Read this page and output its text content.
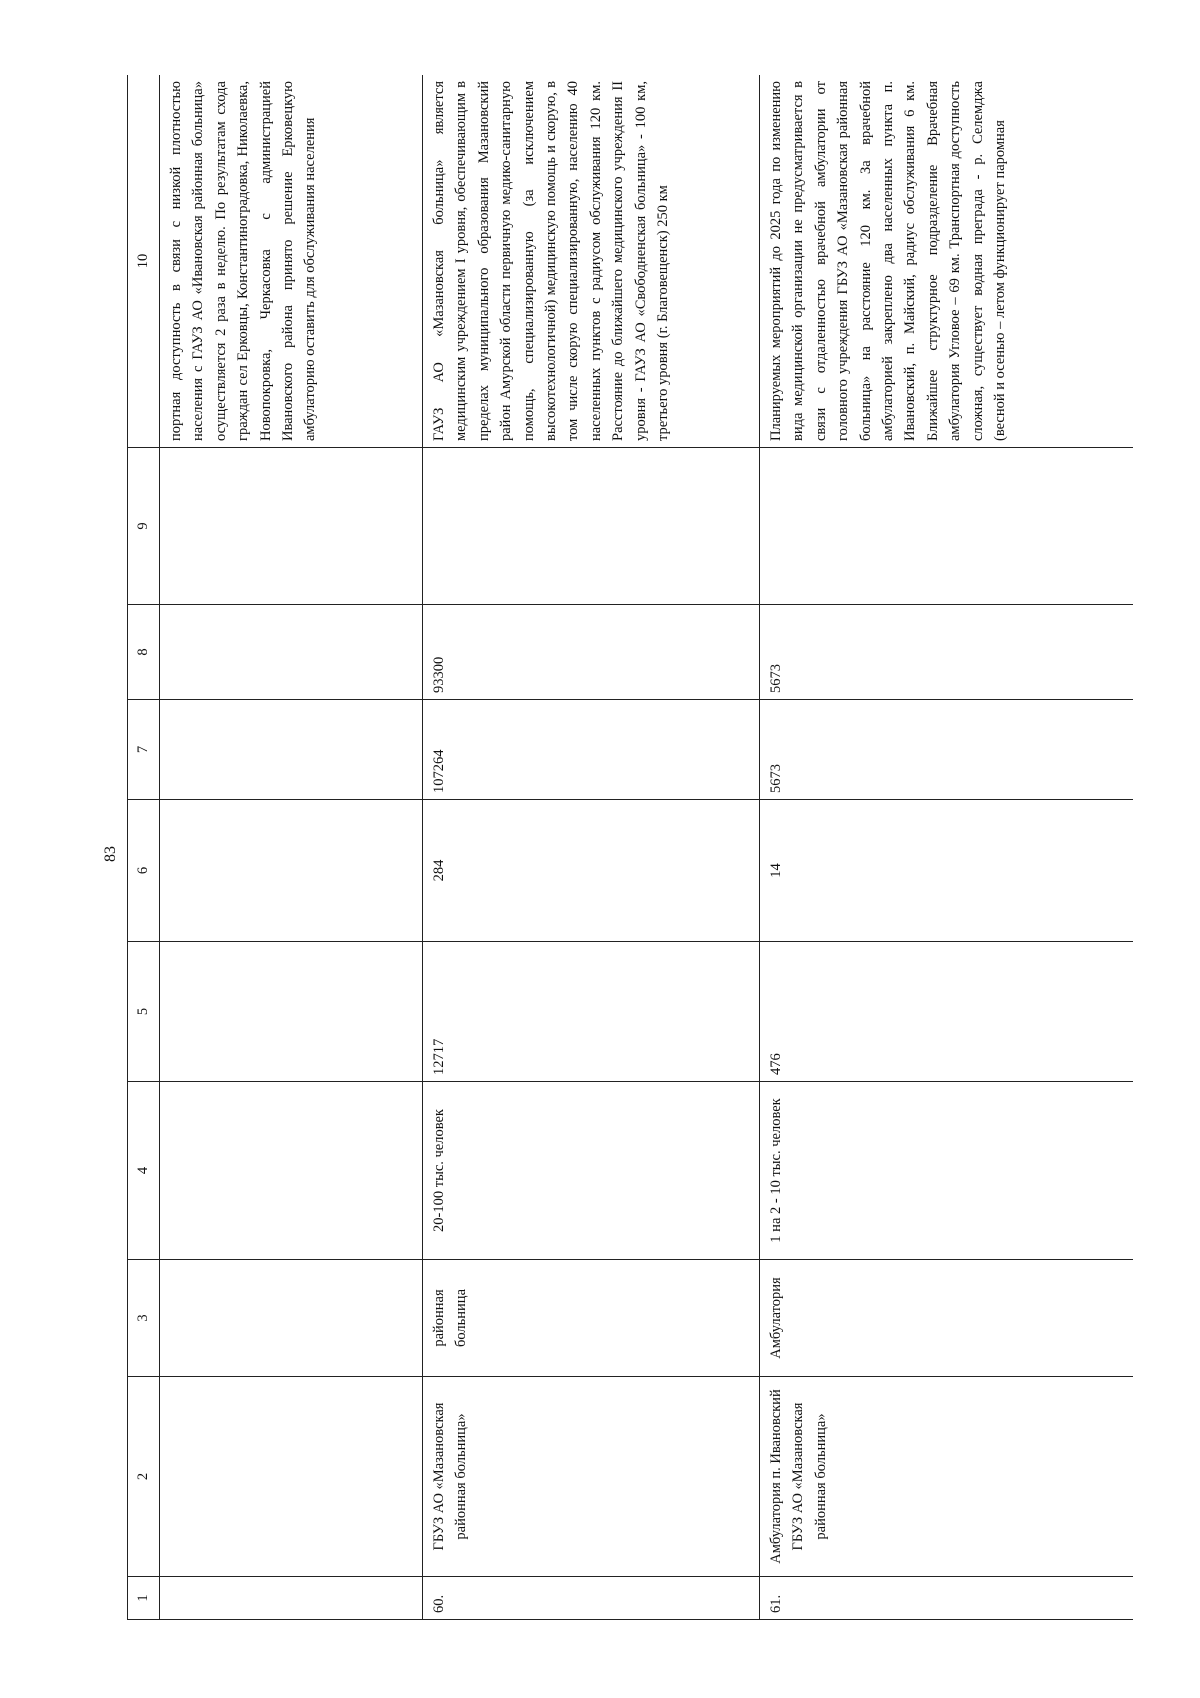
83
1	2	3	4	5	6	7	8	9	10
									портная доступность в связи с низкой плотностью населения с ГАУЗ АО «Ивановская районная больница» осуществляется 2 раза в неделю. По результатам схода граждан сел Ерковцы, Константиноградовка, Николаевка, Новопокровка, Черкасовка с администрацией Ивановского района принято решение Ерковецкую амбулаторию оставить для обслуживания населения
60.	ГБУЗ АО «Мазановская районная больница»	районная больница	20-100 тыс. человек	12717	284	107264	93300		ГАУЗ АО «Мазановская больница» является медицинским учреждением I уровня, обеспечивающим в пределах муниципального образования Мазановский район Амурской области первичную медико-санитарную помощь, специализированную (за исключением высокотехнологичной) медицинскую помощь и скорую, в том числе скорую специализированную, населению 40 населенных пунктов с радиусом обслуживания 120 км. Расстояние до ближайшего медицинского учреждения II уровня - ГАУЗ АО «Свободненская больница» - 100 км, третьего уровня (г. Благовещенск) 250 км
61.	Амбулатория п. Ивановский ГБУЗ АО «Мазановская районная больница»	Амбулатория	1 на 2 - 10 тыс. человек	476	14	5673	5673		Планируемых мероприятий до 2025 года по изменению вида медицинской организации не предусматривается в связи с отдаленностью врачебной амбулатории от головного учреждения ГБУЗ АО «Мазановская районная больница» на расстояние 120 км. За врачебной амбулаторией закреплено два населенных пункта п. Ивановский, п. Майский, радиус обслуживания 6 км. Ближайшее структурное подразделение Врачебная амбулатория Угловое – 69 км. Транспортная доступность сложная, существует водная преграда - р. Селемджа (весной и осенью – летом функционирует паромная
